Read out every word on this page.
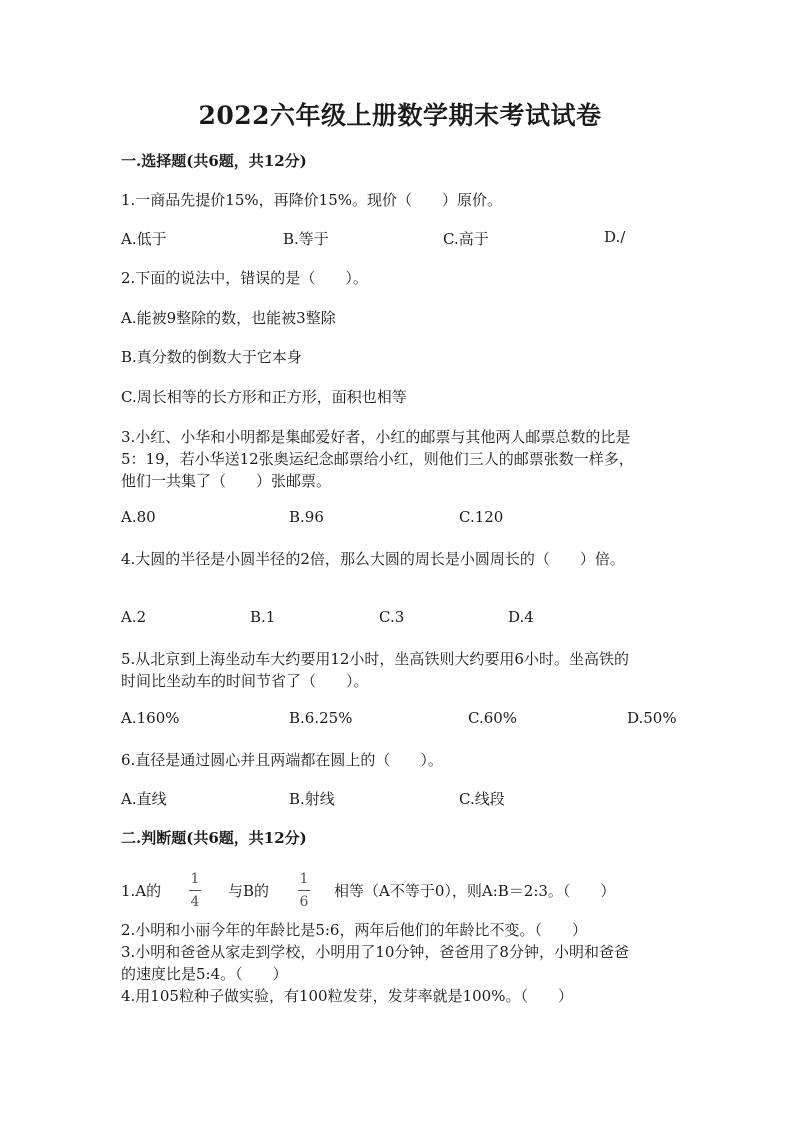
2022六年级上册数学期末考试试卷
一.选择题(共6题，共12分)
1.一商品先提价15%，再降价15%。现价（　　）原价。
A.低于	B.等于	C.高于	D./
2.下面的说法中，错误的是（　　）。
A.能被9整除的数，也能被3整除
B.真分数的倒数大于它本身
C.周长相等的长方形和正方形，面积也相等
3.小红、小华和小明都是集邮爱好者，小红的邮票与其他两人邮票总数的比是
5：19，若小华送12张奥运纪念邮票给小红，则他们三人的邮票张数一样多，
他们一共集了（　　）张邮票。
A.80	B.96	C.120
4.大圆的半径是小圆半径的2倍，那么大圆的周长是小圆周长的（　　）倍。
A.2	B.1	C.3	D.4
5.从北京到上海坐动车大约要用12小时，坐高铁则大约要用6小时。坐高铁的
时间比坐动车的时间节省了（　　）。
A.160%	B.6.25%	C.60%	D.50%
6.直径是通过圆心并且两端都在圆上的（　　）。
A.直线	B.射线	C.线段
二.判断题(共6题，共12分)
1.A的
1
4
与B的
1
6
相等（A不等于0），则A:B＝2:3。（　　）
2.小明和小丽今年的年龄比是5:6，两年后他们的年龄比不变。（　　）
3.小明和爸爸从家走到学校，小明用了10分钟，爸爸用了8分钟，小明和爸爸
的速度比是5:4。（　　）
4.用105粒种子做实验，有100粒发芽，发芽率就是100%。（　　）
